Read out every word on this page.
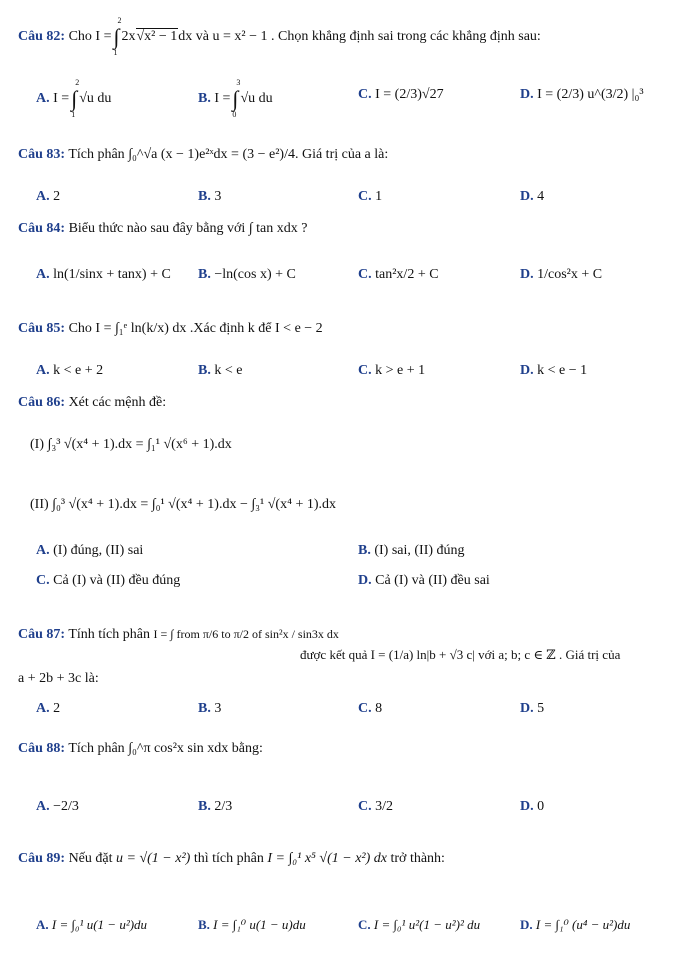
Câu 82: Cho I =∫
2
1
2x√x² − 1dx và u = x² − 1 . Chọn khẳng định sai trong các khẳng định sau:
A. I =∫
2
1
√u du	B. I =∫
3
0
√u du	C. I = (2/3)√27	D. I = (2/3) u^(3/2) |₀³
Câu 83: Tích phân ∫₀^√a (x − 1)e²ˣdx = (3 − e²)/4. Giá trị của a là:
A. 2	B. 3	C. 1	D. 4
Câu 84: Biểu thức nào sau đây bằng với ∫ tan xdx ?
A. ln(1/sinx + tanx) + C B. −ln(cos x) + C	C. tan²x/2 + C	D. 1/cos²x + C
Câu 85: Cho I = ∫₁ᵉ ln(k/x) dx .Xác định k để I < e − 2
A. k < e + 2	B. k < e	C. k > e + 1	D. k < e − 1
Câu 86: Xét các mệnh đề:
(I) ∫₃³ √(x⁴ + 1).dx = ∫₁¹ √(x⁶ + 1).dx
(II) ∫₀³ √(x⁴ + 1).dx = ∫₀¹ √(x⁴ + 1).dx − ∫₃¹ √(x⁴ + 1).dx
A. (I) đúng, (II) sai	B. (I) sai, (II) đúng
C. Cả (I) và (II) đều đúng	D. Cả (I) và (II) đều sai
Câu 87: Tính tích phân I = ∫ from π/6 to π/2 of sin²x / sin3x dx
được kết quả I = (1/a) ln|b + √3 c| với a; b; c ∈ ℤ . Giá trị của
a + 2b + 3c là:
A. 2	B. 3	C. 8	D. 5
Câu 88: Tích phân ∫₀^π cos²x sin xdx bằng:
A. −2/3	B. 2/3	C. 3/2	D. 0
Câu 89: Nếu đặt u = √(1 − x²) thì tích phân I = ∫₀¹ x⁵ √(1 − x²) dx trở thành:
A. I = ∫₀¹ u(1 − u²)du	B. I = ∫₁⁰ u(1 − u)du	C. I = ∫₀¹ u²(1 − u²)² du	D. I = ∫₁⁰ (u⁴ − u²)du
